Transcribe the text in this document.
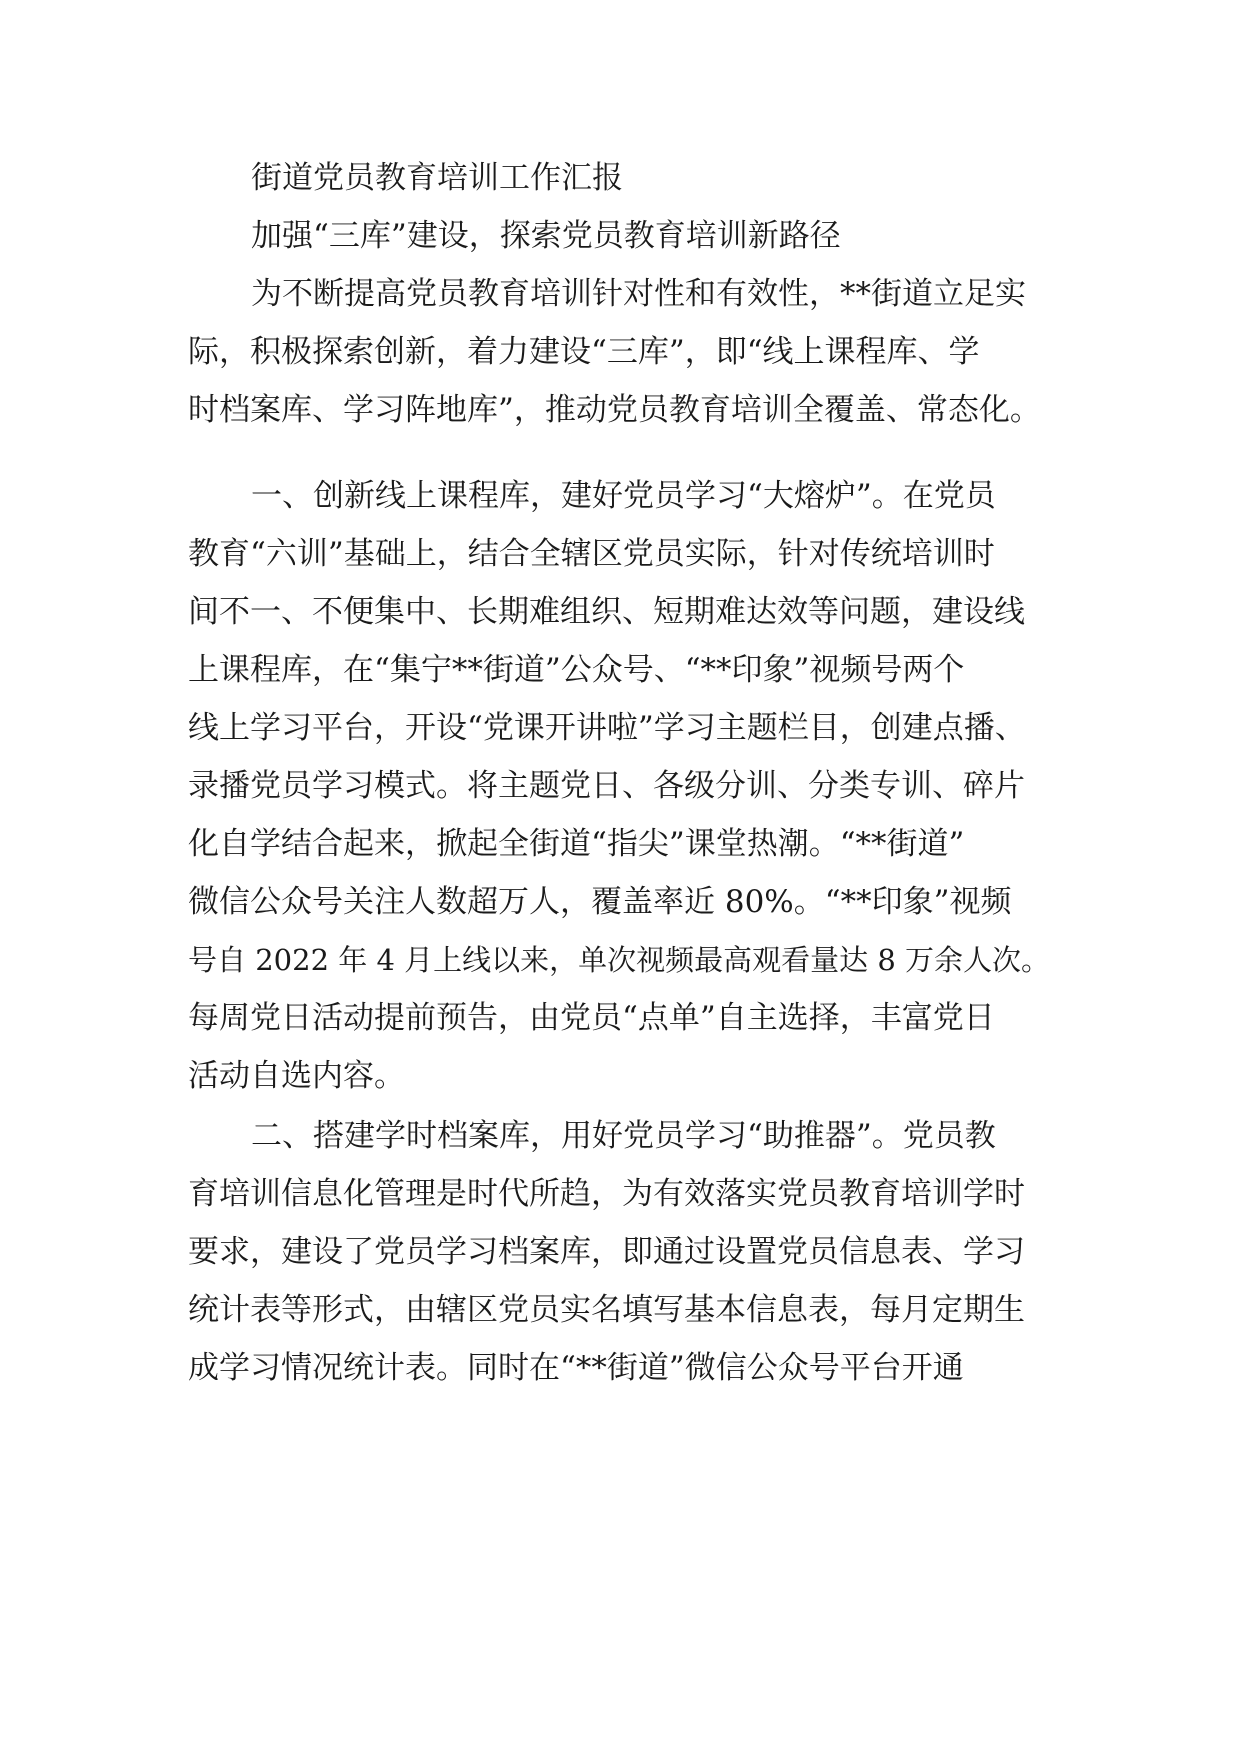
街道党员教育培训工作汇报

加强“三库”建设，探索党员教育培训新路径

为不断提高党员教育培训针对性和有效性，**街道立足实

际，积极探索创新，着力建设“三库”，即“线上课程库、学

时档案库、学习阵地库”，推动党员教育培训全覆盖、常态化。

一、创新线上课程库，建好党员学习“大熔炉”。在党员

教育“六训”基础上，结合全辖区党员实际，针对传统培训时

间不一、不便集中、长期难组织、短期难达效等问题，建设线

上课程库，在“集宁**街道”公众号、“**印象”视频号两个

线上学习平台，开设“党课开讲啦”学习主题栏目，创建点播、

录播党员学习模式。将主题党日、各级分训、分类专训、碎片

化自学结合起来，掀起全街道“指尖”课堂热潮。“**街道”

微信公众号关注人数超万人，覆盖率近 80%。“**印象”视频

号自 2022 年 4 月上线以来，单次视频最高观看量达 8 万余人次。

每周党日活动提前预告，由党员“点单”自主选择，丰富党日

活动自选内容。

二、搭建学时档案库，用好党员学习“助推器”。党员教

育培训信息化管理是时代所趋，为有效落实党员教育培训学时

要求，建设了党员学习档案库，即通过设置党员信息表、学习

统计表等形式，由辖区党员实名填写基本信息表，每月定期生

成学习情况统计表。同时在“**街道”微信公众号平台开通
